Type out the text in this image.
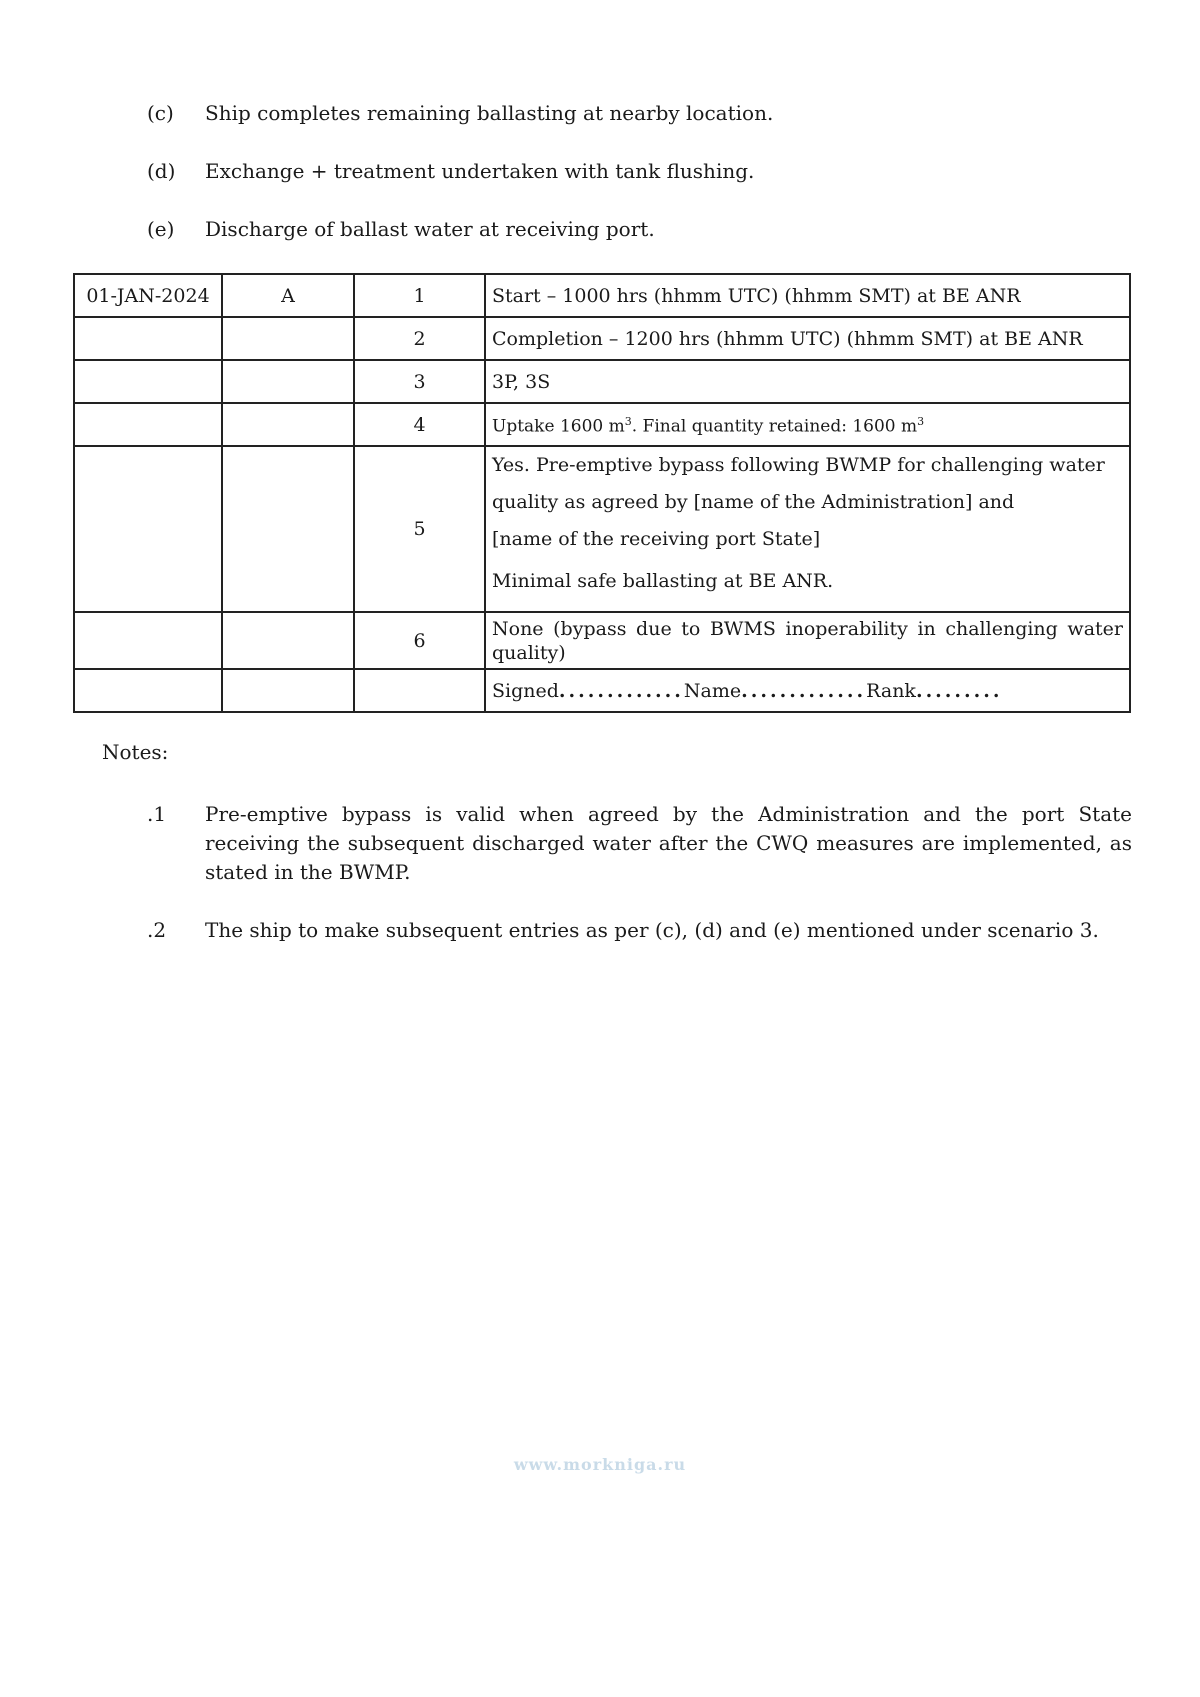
(c)	Ship completes remaining ballasting at nearby location.
(d)	Exchange + treatment undertaken with tank flushing.
(e)	Discharge of ballast water at receiving port.
01-JAN-2024	A	1	Start – 1000 hrs (hhmm UTC) (hhmm SMT) at BE ANR
		2	Completion – 1200 hrs (hhmm UTC) (hhmm SMT) at BE ANR
		3	3P, 3S
		4	Uptake 1600 $m^3$. Final quantity retained: 1600 $m^3$
		5	Yes. Pre-emptive bypass following BWMP for challenging water
quality as agreed by [name of the Administration] and
[name of the receiving port State]
Minimal safe ballasting at BE ANR.

		6	None (bypass due to BWMS inoperability in challenging water quality)
			Signed.............Name.............Rank.........
Notes:
.1 Pre-emptive bypass is valid when agreed by the Administration and the port State receiving the subsequent discharged water after the CWQ measures are implemented, as stated in the BWMP.
.2 The ship to make subsequent entries as per (c), (d) and (e) mentioned under scenario 3.
www.morkniga.ru
